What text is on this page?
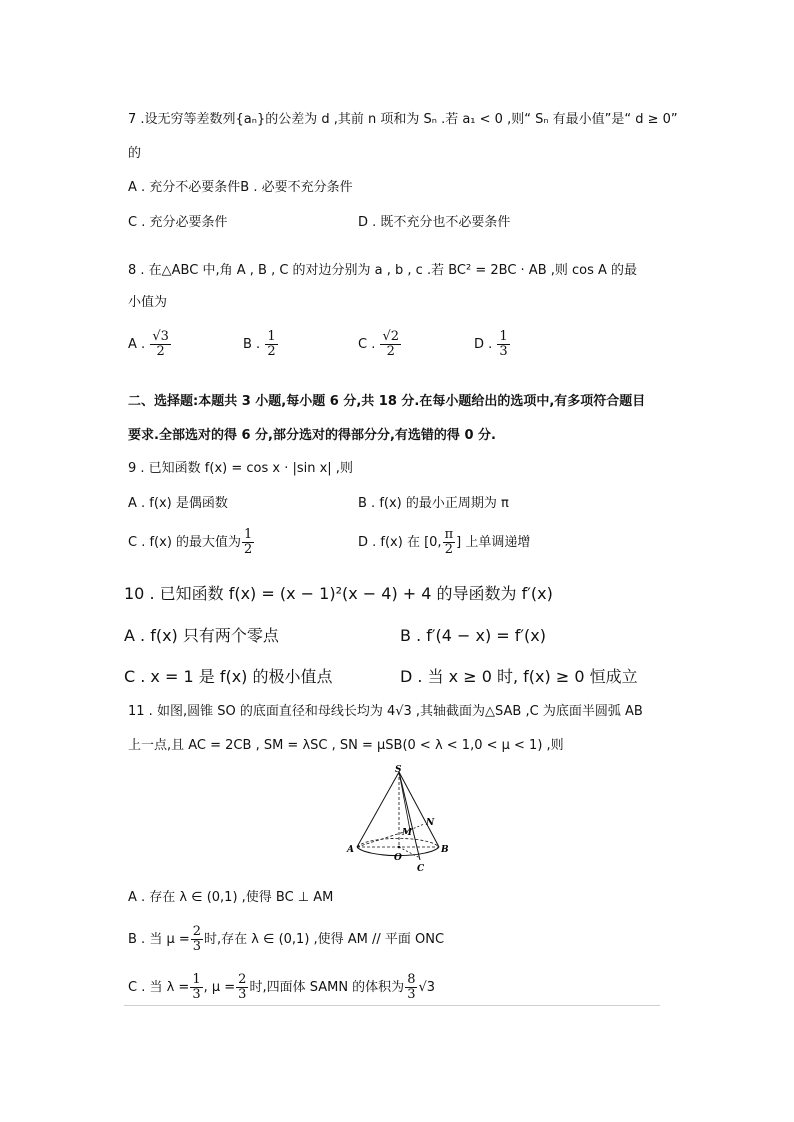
7 .设无穷等差数列{aₙ}的公差为 d ,其前 n 项和为 Sₙ .若 a₁ < 0 ,则“ Sₙ 有最小值”是“ d ≥ 0”
的
A . 充分不必要条件B . 必要不充分条件
C . 充分必要条件	D . 既不充分也不必要条件
8 . 在△ABC 中,角 A , B , C 的对边分别为 a , b , c .若 BC² = 2BC · AB ,则 cos A 的最
小值为
A . $\frac{√3}{2}$	B . $\frac{1}{2}$	C . $\frac{√2}{2}$	D . $\frac{1}{3}$
二、选择题:本题共 3 小题,每小题 6 分,共 18 分.在每小题给出的选项中,有多项符合题目
要求.全部选对的得 6 分,部分选对的得部分分,有选错的得 0 分.
9 . 已知函数 f(x) = cos x · |sin x| ,则
A . f(x) 是偶函数	B . f(x) 的最小正周期为 π
C . f(x) 的最大值为 $\frac{1}{2}$	D . f(x) 在 [0, $\frac{\pi}{2}$ ] 上单调递增
10 . 已知函数 f(x) = (x − 1)²(x − 4) + 4 的导函数为 f′(x)
A . f(x) 只有两个零点	B . f′(4 − x) = f′(x)
C . x = 1 是 f(x) 的极小值点	D . 当 x ≥ 0 时, f(x) ≥ 0 恒成立
11 . 如图,圆锥 SO 的底面直径和母线长均为 4√3 ,其轴截面为△SAB ,C 为底面半圆弧 AB
上一点,且 AC = 2CB , SM = λSC , SN = μSB(0 < λ < 1,0 < μ < 1) ,则
S
A	B
O
C
M
N
A . 存在 λ ∈ (0,1) ,使得 BC ⊥ AM
B . 当 $\mu = \frac{2}{3}$ 时,存在 λ ∈ (0,1) ,使得 AM // 平面 ONC
C . 当 $\lambda = \frac{1}{3}$ , $\mu = \frac{2}{3}$ 时,四面体 SAMN 的体积为 $\frac{8}{3} √3$
